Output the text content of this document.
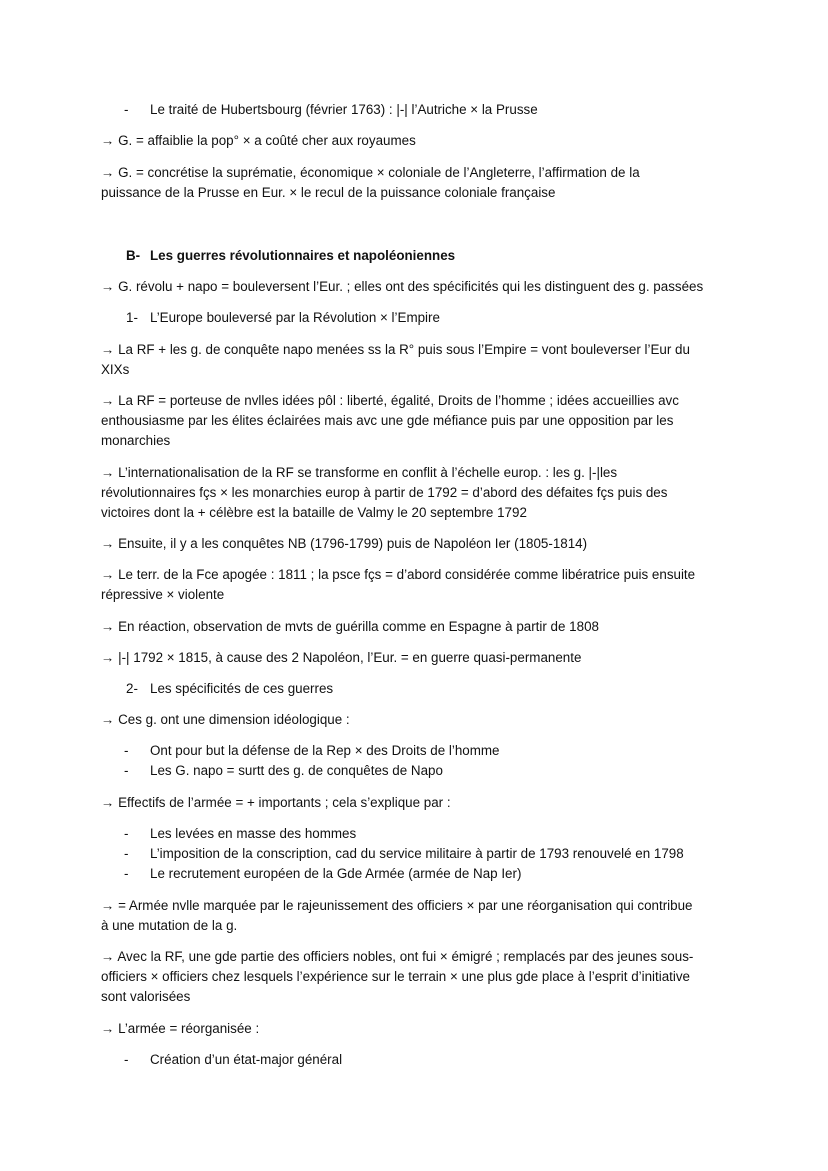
- Le traité de Hubertsbourg (février 1763) : |-| l’Autriche × la Prusse
→ G. = affaiblie la pop° × a coûté cher aux royaumes
→ G. = concrétise la suprématie, économique × coloniale de l’Angleterre, l’affirmation de la
puissance de la Prusse en Eur. × le recul de la puissance coloniale française
B- Les guerres révolutionnaires et napoléoniennes
→ G. révolu + napo = bouleversent l’Eur. ; elles ont des spécificités qui les distinguent des g. passées
1- L’Europe bouleversé par la Révolution × l’Empire
→ La RF + les g. de conquête napo menées ss la R° puis sous l’Empire = vont bouleverser l’Eur du
XIXs
→ La RF = porteuse de nvlles idées pôl : liberté, égalité, Droits de l’homme ; idées accueillies avc
enthousiasme par les élites éclairées mais avc une gde méfiance puis par une opposition par les
monarchies
→ L’internationalisation de la RF se transforme en conflit à l’échelle europ. : les g. |-|les
révolutionnaires fçs × les monarchies europ à partir de 1792 = d’abord des défaites fçs puis des
victoires dont la + célèbre est la bataille de Valmy le 20 septembre 1792
→ Ensuite, il y a les conquêtes NB (1796-1799) puis de Napoléon Ier (1805-1814)
→ Le terr. de la Fce apogée : 1811 ; la psce fçs = d’abord considérée comme libératrice puis ensuite
répressive × violente
→ En réaction, observation de mvts de guérilla comme en Espagne à partir de 1808
→ |-| 1792 × 1815, à cause des 2 Napoléon, l’Eur. = en guerre quasi-permanente
2- Les spécificités de ces guerres
→ Ces g. ont une dimension idéologique :
- Ont pour but la défense de la Rep × des Droits de l’homme
- Les G. napo = surtt des g. de conquêtes de Napo
→ Effectifs de l’armée = + importants ; cela s’explique par :
- Les levées en masse des hommes
- L’imposition de la conscription, cad du service militaire à partir de 1793 renouvelé en 1798
- Le recrutement européen de la Gde Armée (armée de Nap Ier)
→ = Armée nvlle marquée par le rajeunissement des officiers × par une réorganisation qui contribue
à une mutation de la g.
→ Avec la RF, une gde partie des officiers nobles, ont fui × émigré ; remplacés par des jeunes sous-
officiers × officiers chez lesquels l’expérience sur le terrain × une plus gde place à l’esprit d’initiative
sont valorisées
→ L’armée = réorganisée :
- Création d’un état-major général
